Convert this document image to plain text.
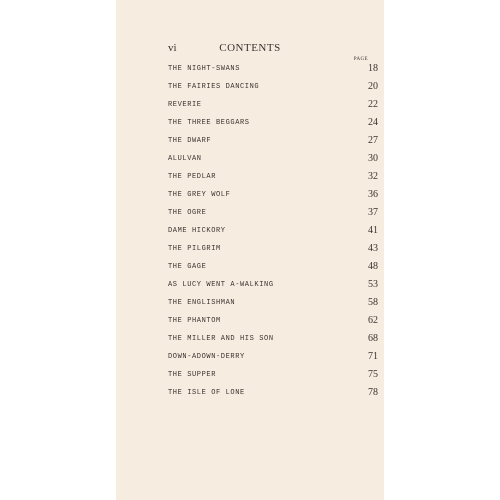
vi	CONTENTS
PAGE
THE NIGHT-SWANS	18
THE FAIRIES DANCING	20
REVERIE	22
THE THREE BEGGARS	24
THE DWARF	27
ALULVAN	30
THE PEDLAR	32
THE GREY WOLF	36
THE OGRE	37
DAME HICKORY	41
THE PILGRIM	43
THE GAGE	48
AS LUCY WENT A-WALKING	53
THE ENGLISHMAN	58
THE PHANTOM	62
THE MILLER AND HIS SON	68
DOWN-ADOWN-DERRY	71
THE SUPPER	75
THE ISLE OF LONE	78
